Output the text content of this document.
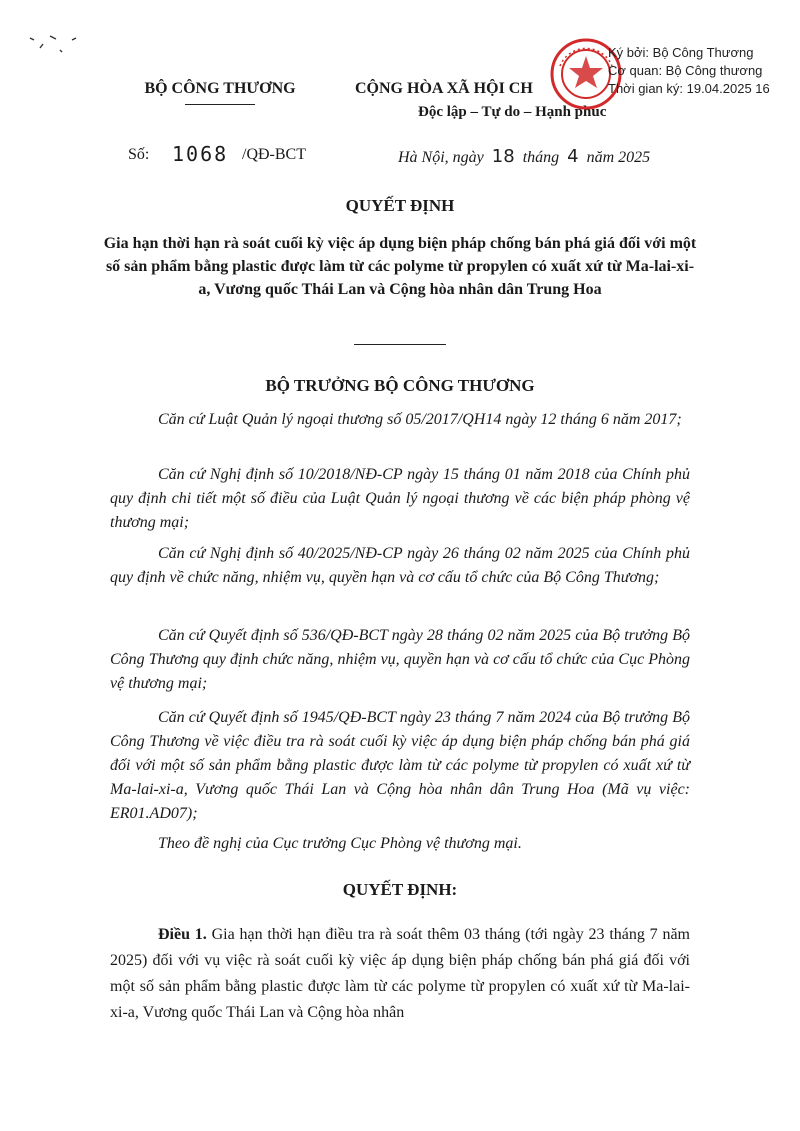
BỘ CÔNG THƯƠNG	CỘNG HÒA XÃ HỘI CH
Độc lập – Tự do – Hạnh phúc
Ký bởi: Bộ Công Thương
Cơ quan: Bộ Công thương
Thời gian ký: 19.04.2025 16
Số: 1068 /QĐ-BCT	Hà Nội, ngày 18 tháng 4 năm 2025
QUYẾT ĐỊNH
Gia hạn thời hạn rà soát cuối kỳ việc áp dụng biện pháp chống bán phá giá đối với một số sản phẩm bằng plastic được làm từ các polyme từ propylen có xuất xứ từ Ma-lai-xi-a, Vương quốc Thái Lan và Cộng hòa nhân dân Trung Hoa
BỘ TRƯỞNG BỘ CÔNG THƯƠNG
Căn cứ Luật Quản lý ngoại thương số 05/2017/QH14 ngày 12 tháng 6 năm 2017;
Căn cứ Nghị định số 10/2018/NĐ-CP ngày 15 tháng 01 năm 2018 của Chính phủ quy định chi tiết một số điều của Luật Quản lý ngoại thương về các biện pháp phòng vệ thương mại;
Căn cứ Nghị định số 40/2025/NĐ-CP ngày 26 tháng 02 năm 2025 của Chính phủ quy định về chức năng, nhiệm vụ, quyền hạn và cơ cấu tổ chức của Bộ Công Thương;
Căn cứ Quyết định số 536/QĐ-BCT ngày 28 tháng 02 năm 2025 của Bộ trưởng Bộ Công Thương quy định chức năng, nhiệm vụ, quyền hạn và cơ cấu tổ chức của Cục Phòng vệ thương mại;
Căn cứ Quyết định số 1945/QĐ-BCT ngày 23 tháng 7 năm 2024 của Bộ trưởng Bộ Công Thương về việc điều tra rà soát cuối kỳ việc áp dụng biện pháp chống bán phá giá đối với một số sản phẩm bằng plastic được làm từ các polyme từ propylen có xuất xứ từ Ma-lai-xi-a, Vương quốc Thái Lan và Cộng hòa nhân dân Trung Hoa (Mã vụ việc: ER01.AD07);
Theo đề nghị của Cục trưởng Cục Phòng vệ thương mại.
QUYẾT ĐỊNH:
Điều 1. Gia hạn thời hạn điều tra rà soát thêm 03 tháng (tới ngày 23 tháng 7 năm 2025) đối với vụ việc rà soát cuối kỳ việc áp dụng biện pháp chống bán phá giá đối với một số sản phẩm bằng plastic được làm từ các polyme từ propylen có xuất xứ từ Ma-lai-xi-a, Vương quốc Thái Lan và Cộng hòa nhân
